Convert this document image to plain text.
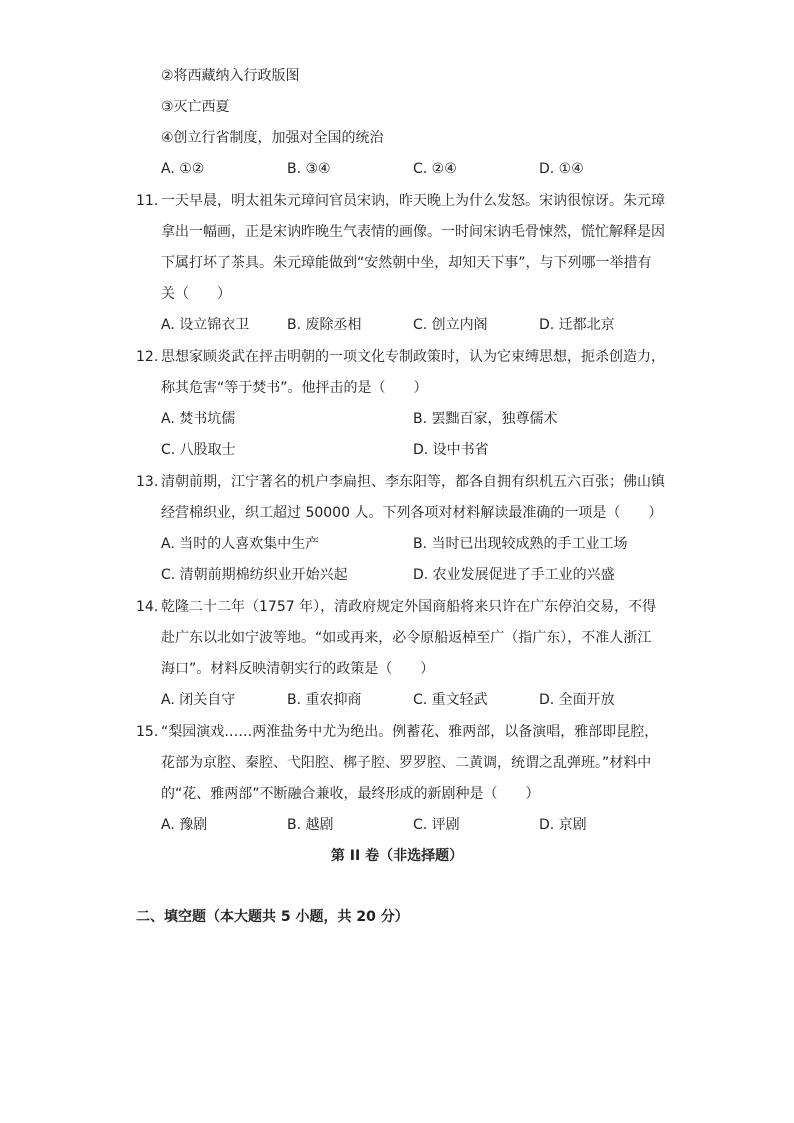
②将西藏纳入行政版图
③灭亡西夏
④创立行省制度，加强对全国的统治
A. ①②	B. ③④	C. ②④	D. ①④
11. 一天早晨，明太祖朱元璋问官员宋讷，昨天晚上为什么发怒。宋讷很惊讶。朱元璋
拿出一幅画，正是宋讷昨晚生气表情的画像。一时间宋讷毛骨悚然，慌忙解释是因
下属打坏了茶具。朱元璋能做到“安然朝中坐，却知天下事”，与下列哪一举措有
关（　　）
A. 设立锦衣卫	B. 废除丞相	C. 创立内阁	D. 迁都北京
12. 思想家顾炎武在抨击明朝的一项文化专制政策时，认为它束缚思想，扼杀创造力，
称其危害“等于焚书”。他抨击的是（　　）
A. 焚书坑儒	B. 罢黜百家，独尊儒术
C. 八股取士	D. 设中书省
13. 清朝前期，江宁著名的机户李扁担、李东阳等，都各自拥有织机五六百张；佛山镇
经营棉织业，织工超过 50000 人。下列各项对材料解读最准确的一项是（　　）
A. 当时的人喜欢集中生产	B. 当时已出现较成熟的手工业工场
C. 清朝前期棉纺织业开始兴起	D. 农业发展促进了手工业的兴盛
14. 乾隆二十二年（1757 年），清政府规定外国商船将来只许在广东停泊交易，不得
赴广东以北如宁波等地。“如或再来，必令原船返棹至广（指广东），不准人浙江
海口”。材料反映清朝实行的政策是（　　）
A. 闭关自守	B. 重农抑商	C. 重文轻武	D. 全面开放
15. “梨园演戏……两淮盐务中尤为绝出。例蓄花、雅两部，以备演唱，雅部即昆腔，
花部为京腔、秦腔、弋阳腔、梆子腔、罗罗腔、二黄调，统谓之乱弹班。”材料中
的“花、雅两部”不断融合兼收，最终形成的新剧种是（　　）
A. 豫剧	B. 越剧	C. 评剧	D. 京剧
第 II 卷（非选择题）
二、填空题（本大题共 5 小题，共 20 分）
